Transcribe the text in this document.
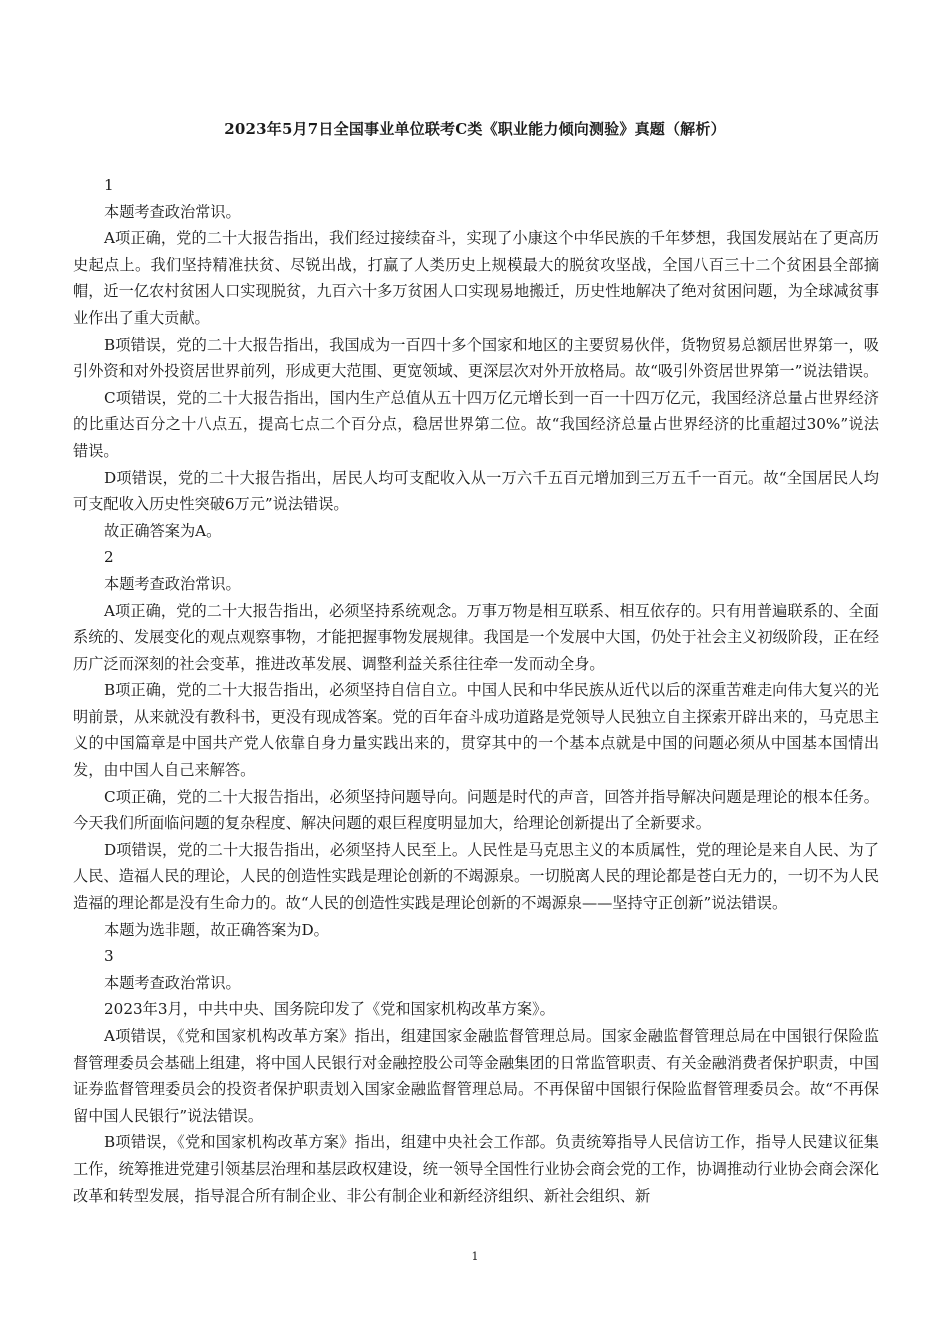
2023年5月7日全国事业单位联考C类《职业能力倾向测验》真题（解析）

1

本题考查政治常识。

A项正确，党的二十大报告指出，我们经过接续奋斗，实现了小康这个中华民族的千年梦想，我国发展站在了更高历史起点上。我们坚持精准扶贫、尽锐出战，打赢了人类历史上规模最大的脱贫攻坚战，全国八百三十二个贫困县全部摘帽，近一亿农村贫困人口实现脱贫，九百六十多万贫困人口实现易地搬迁，历史性地解决了绝对贫困问题，为全球减贫事业作出了重大贡献。

B项错误，党的二十大报告指出，我国成为一百四十多个国家和地区的主要贸易伙伴，货物贸易总额居世界第一，吸引外资和对外投资居世界前列，形成更大范围、更宽领域、更深层次对外开放格局。故“吸引外资居世界第一”说法错误。

C项错误，党的二十大报告指出，国内生产总值从五十四万亿元增长到一百一十四万亿元，我国经济总量占世界经济的比重达百分之十八点五，提高七点二个百分点，稳居世界第二位。故“我国经济总量占世界经济的比重超过30%”说法错误。

D项错误，党的二十大报告指出，居民人均可支配收入从一万六千五百元增加到三万五千一百元。故“全国居民人均可支配收入历史性突破6万元”说法错误。

故正确答案为A。

2

本题考查政治常识。

A项正确，党的二十大报告指出，必须坚持系统观念。万事万物是相互联系、相互依存的。只有用普遍联系的、全面系统的、发展变化的观点观察事物，才能把握事物发展规律。我国是一个发展中大国，仍处于社会主义初级阶段，正在经历广泛而深刻的社会变革，推进改革发展、调整利益关系往往牵一发而动全身。

B项正确，党的二十大报告指出，必须坚持自信自立。中国人民和中华民族从近代以后的深重苦难走向伟大复兴的光明前景，从来就没有教科书，更没有现成答案。党的百年奋斗成功道路是党领导人民独立自主探索开辟出来的，马克思主义的中国篇章是中国共产党人依靠自身力量实践出来的，贯穿其中的一个基本点就是中国的问题必须从中国基本国情出发，由中国人自己来解答。

C项正确，党的二十大报告指出，必须坚持问题导向。问题是时代的声音，回答并指导解决问题是理论的根本任务。今天我们所面临问题的复杂程度、解决问题的艰巨程度明显加大，给理论创新提出了全新要求。

D项错误，党的二十大报告指出，必须坚持人民至上。人民性是马克思主义的本质属性，党的理论是来自人民、为了人民、造福人民的理论，人民的创造性实践是理论创新的不竭源泉。一切脱离人民的理论都是苍白无力的，一切不为人民造福的理论都是没有生命力的。故“人民的创造性实践是理论创新的不竭源泉——坚持守正创新”说法错误。

本题为选非题，故正确答案为D。

3

本题考查政治常识。

2023年3月，中共中央、国务院印发了《党和国家机构改革方案》。

A项错误，《党和国家机构改革方案》指出，组建国家金融监督管理总局。国家金融监督管理总局在中国银行保险监督管理委员会基础上组建，将中国人民银行对金融控股公司等金融集团的日常监管职责、有关金融消费者保护职责，中国证券监督管理委员会的投资者保护职责划入国家金融监督管理总局。不再保留中国银行保险监督管理委员会。故“不再保留中国人民银行”说法错误。

B项错误，《党和国家机构改革方案》指出，组建中央社会工作部。负责统筹指导人民信访工作，指导人民建议征集工作，统筹推进党建引领基层治理和基层政权建设，统一领导全国性行业协会商会党的工作，协调推动行业协会商会深化改革和转型发展，指导混合所有制企业、非公有制企业和新经济组织、新社会组织、新

1
